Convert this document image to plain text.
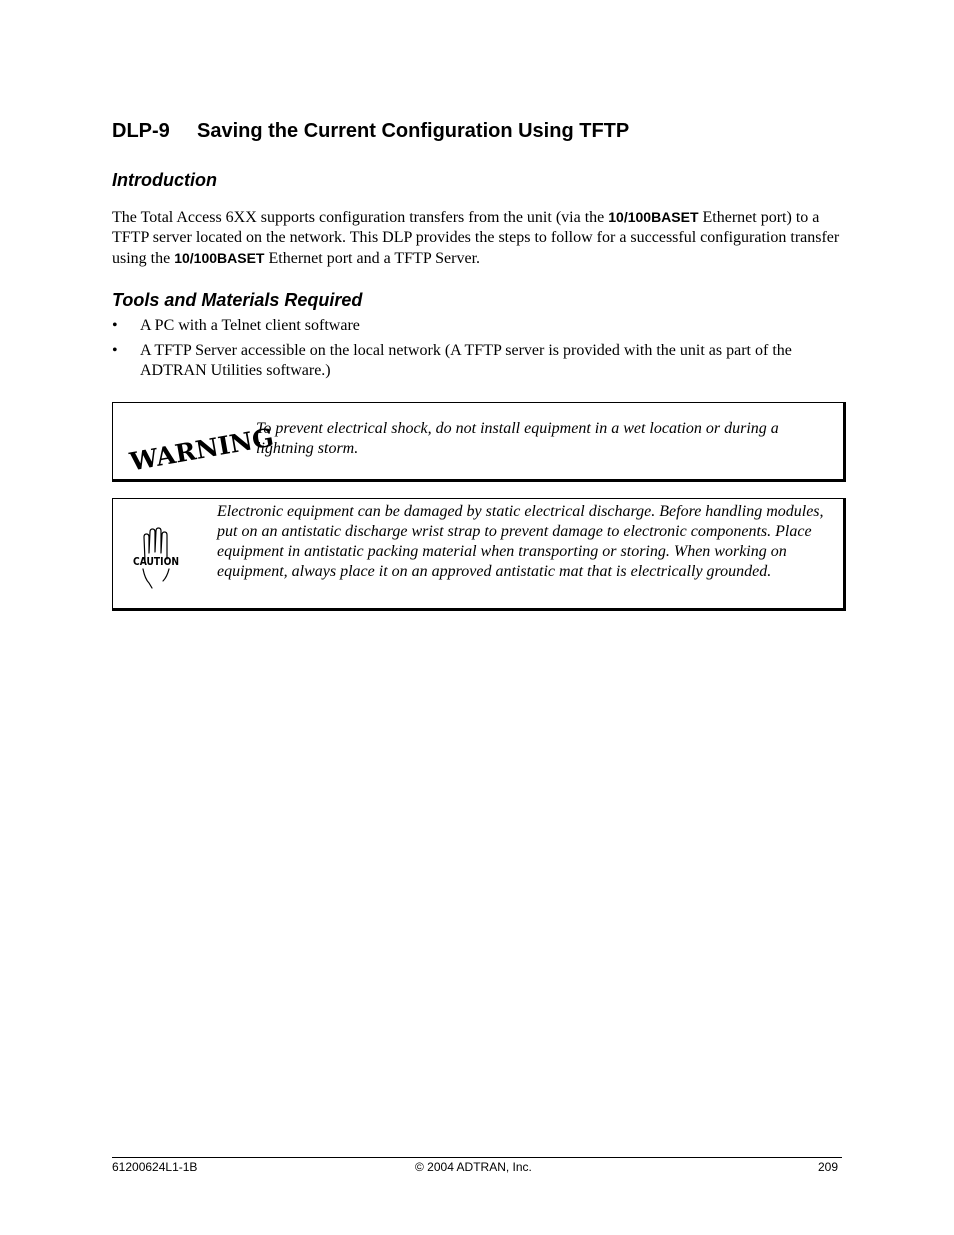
DLP-9 Saving the Current Configuration Using TFTP
Introduction

The Total Access 6XX supports configuration transfers from the unit (via the 10/100BASET Ethernet port) to a TFTP server located on the network. This DLP provides the steps to follow for a successful configuration transfer using the 10/100BASET Ethernet port and a TFTP Server.

Tools and Materials Required
• A PC with a Telnet client software
• A TFTP Server accessible on the local network (A TFTP server is provided with the unit as part of the ADTRAN Utilities software.)
WARNING

To prevent electrical shock, do not install equipment in a wet location or during a lightning storm.

CAUTION

Electronic equipment can be damaged by static electrical discharge. Before handling modules, put on an antistatic discharge wrist strap to prevent damage to electronic components. Place equipment in antistatic packing material when transporting or storing. When working on equipment, always place it on an approved antistatic mat that is electrically grounded.

61200624L1-1B	© 2004 ADTRAN, Inc.	209
